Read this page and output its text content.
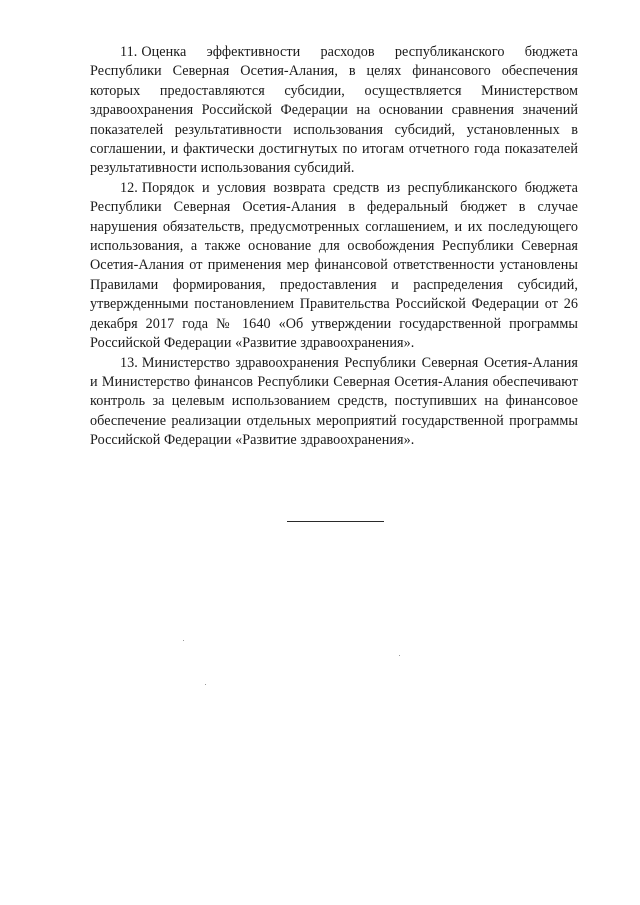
11. Оценка эффективности расходов республиканского бюджета Республики Северная Осетия-Алания, в целях финансового обеспечения которых предоставляются субсидии, осуществляется Министерством здравоохранения Российской Федерации на основании сравнения значений показателей результативности использования субсидий, установленных в соглашении, и фактически достигнутых по итогам отчетного года показателей результативности использования субсидий.

12. Порядок и условия возврата средств из республиканского бюджета Республики Северная Осетия-Алания в федеральный бюджет в случае нарушения обязательств, предусмотренных соглашением, и их последующего использования, а также основание для освобождения Республики Северная Осетия-Алания от применения мер финансовой ответственности установлены Правилами формирования, предоставления и распределения субсидий, утвержденными постановлением Правительства Российской Федерации от 26 декабря 2017 года № 1640 «Об утверждении государственной программы Российской Федерации «Развитие здравоохранения».

13. Министерство здравоохранения Республики Северная Осетия-Алания и Министерство финансов Республики Северная Осетия-Алания обеспечивают контроль за целевым использованием средств, поступивших на финансовое обеспечение реализации отдельных мероприятий государственной программы Российской Федерации «Развитие здравоохранения».
